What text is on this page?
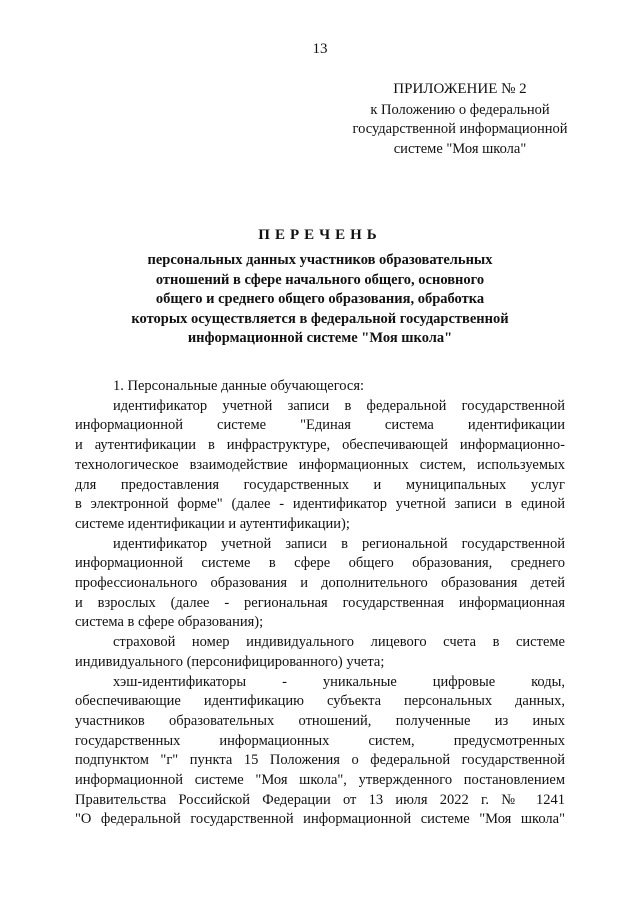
13
ПРИЛОЖЕНИЕ № 2
к Положению о федеральной
государственной информационной
системе "Моя школа"
ПЕРЕЧЕНЬ
персональных данных участников образовательных
отношений в сфере начального общего, основного
общего и среднего общего образования, обработка
которых осуществляется в федеральной государственной
информационной системе "Моя школа"

1. Персональные данные обучающегося:

идентификатор учетной записи в федеральной государственной
информационной системе "Единая система идентификации
и аутентификации в инфраструктуре, обеспечивающей информационно-
технологическое взаимодействие информационных систем, используемых
для предоставления государственных и муниципальных услуг
в электронной форме" (далее - идентификатор учетной записи в единой
системе идентификации и аутентификации);

идентификатор учетной записи в региональной государственной
информационной системе в сфере общего образования, среднего
профессионального образования и дополнительного образования детей
и взрослых (далее - региональная государственная информационная
система в сфере образования);

страховой номер индивидуального лицевого счета в системе
индивидуального (персонифицированного) учета;

хэш-идентификаторы - уникальные цифровые коды,
обеспечивающие идентификацию субъекта персональных данных,
участников образовательных отношений, полученные из иных
государственных информационных систем, предусмотренных
подпунктом "г" пункта 15 Положения о федеральной государственной
информационной системе "Моя школа", утвержденного постановлением
Правительства Российской Федерации от 13 июля 2022 г. № 1241
"О федеральной государственной информационной системе "Моя школа"
